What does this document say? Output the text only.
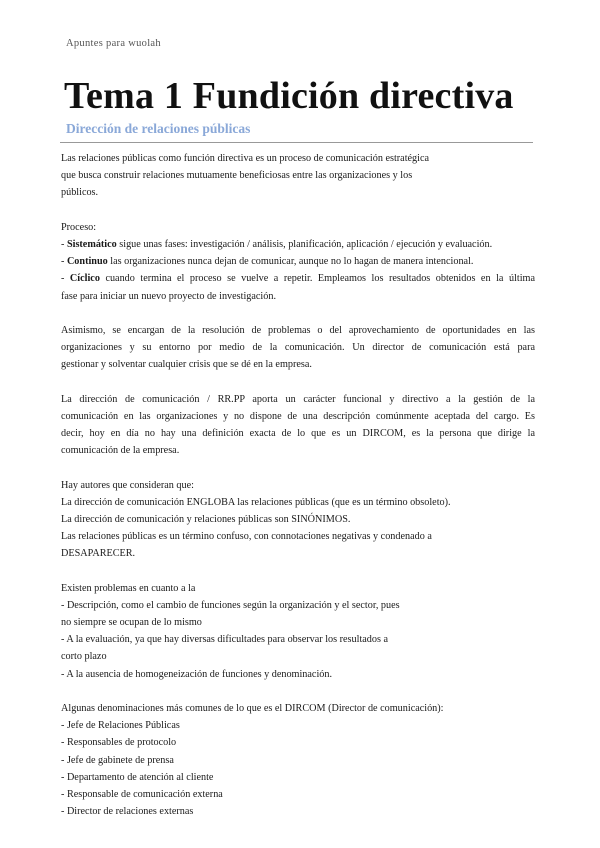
Apuntes para wuolah
Tema 1 Fundición directiva
Dirección de relaciones públicas
Las relaciones públicas como función directiva es un proceso de comunicación estratégica
que busca construir relaciones mutuamente beneficiosas entre las organizaciones y los
públicos.
Proceso:
- Sistemático sigue unas fases: investigación / análisis, planificación, aplicación / ejecución y evaluación.
- Continuo las organizaciones nunca dejan de comunicar, aunque no lo hagan de manera intencional.
- Cíclico cuando termina el proceso se vuelve a repetir. Empleamos los resultados obtenidos en la última
fase para iniciar un nuevo proyecto de investigación.
Asimismo, se encargan de la resolución de problemas o del aprovechamiento de oportunidades en las
organizaciones y su entorno por medio de la comunicación. Un director de comunicación está para
gestionar y solventar cualquier crisis que se dé en la empresa.
La dirección de comunicación / RR.PP aporta un carácter funcional y directivo a la gestión de la
comunicación en las organizaciones y no dispone de una descripción comúnmente aceptada del cargo. Es
decir, hoy en día no hay una definición exacta de lo que es un DIRCOM, es la persona que dirige la
comunicación de la empresa.
Hay autores que consideran que:
La dirección de comunicación ENGLOBA las relaciones públicas (que es un término obsoleto).
La dirección de comunicación y relaciones públicas son SINÓNIMOS.
Las relaciones públicas es un término confuso, con connotaciones negativas y condenado a
DESAPARECER.
Existen problemas en cuanto a la
- Descripción, como el cambio de funciones según la organización y el sector, pues
no siempre se ocupan de lo mismo
- A la evaluación, ya que hay diversas dificultades para observar los resultados a
corto plazo
- A la ausencia de homogeneización de funciones y denominación.
Algunas denominaciones más comunes de lo que es el DIRCOM (Director de comunicación):
- Jefe de Relaciones Públicas
- Responsables de protocolo
- Jefe de gabinete de prensa
- Departamento de atención al cliente
- Responsable de comunicación externa
- Director de relaciones externas
